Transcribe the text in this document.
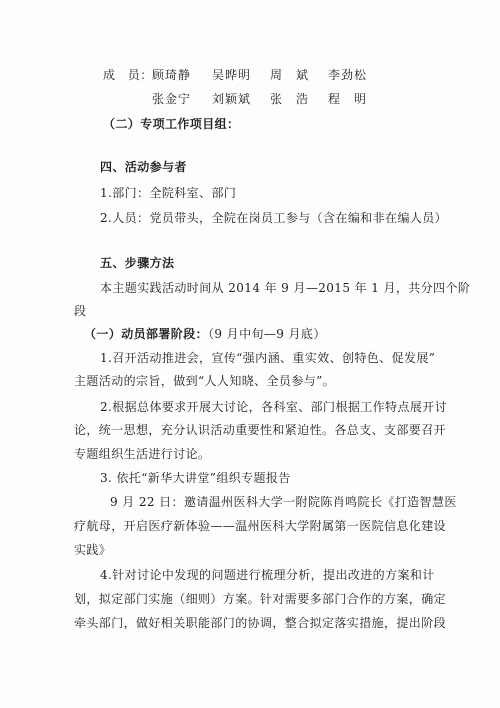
成　员： 顾琦静 吴晔明 周　斌 李劲松
张金宁 刘颖斌 张　浩 程　明
（二）专项工作项目组：
四、活动参与者
1.部门：全院科室、部门
2.人员：党员带头，全院在岗员工参与（含在编和非在编人员）
五、步骤方法
本主题实践活动时间从 2014 年 9 月—2015 年 1 月，共分四个阶
段
（一）动员部署阶段：（9 月中旬—9 月底）
1.召开活动推进会，宣传“强内涵、重实效、创特色、促发展”
主题活动的宗旨，做到“人人知晓、全员参与”。
2.根据总体要求开展大讨论，各科室、部门根据工作特点展开讨
论，统一思想，充分认识活动重要性和紧迫性。各总支、支部要召开
专题组织生活进行讨论。
3. 依托“新华大讲堂”组织专题报告
9 月 22 日：邀请温州医科大学一附院陈肖鸣院长《打造智慧医
疗航母，开启医疗新体验——温州医科大学附属第一医院信息化建设
实践》
4.针对讨论中发现的问题进行梳理分析，提出改进的方案和计
划，拟定部门实施（细则）方案。针对需要多部门合作的方案，确定
牵头部门，做好相关职能部门的协调，整合拟定落实措施，提出阶段
